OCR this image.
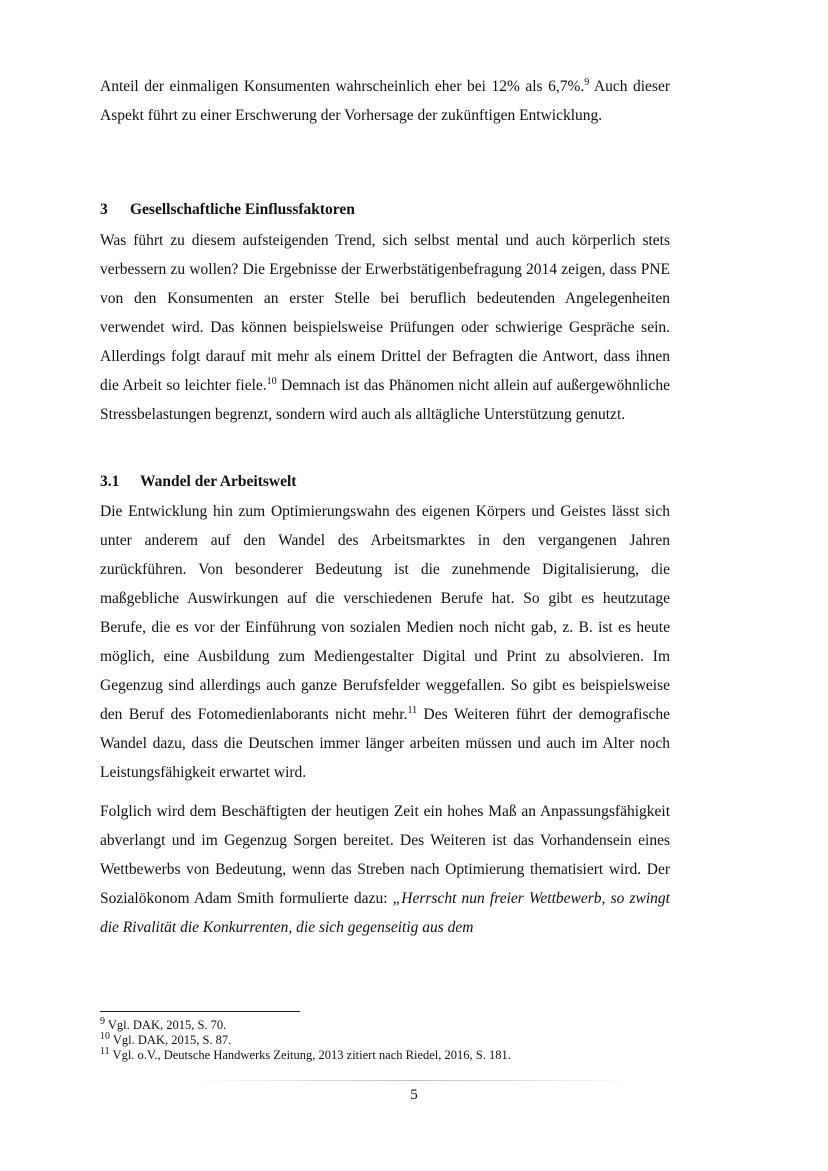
Anteil der einmaligen Konsumenten wahrscheinlich eher bei 12% als 6,7%.$^9$ Auch dieser Aspekt führt zu einer Erschwerung der Vorhersage der zukünftigen Entwicklung.

3 Gesellschaftliche Einflussfaktoren

Was führt zu diesem aufsteigenden Trend, sich selbst mental und auch körperlich stets verbessern zu wollen? Die Ergebnisse der Erwerbstätigenbefragung 2014 zeigen, dass PNE von den Konsumenten an erster Stelle bei beruflich bedeutenden Angelegenheiten verwendet wird. Das können beispielsweise Prüfungen oder schwierige Gespräche sein. Allerdings folgt darauf mit mehr als einem Drittel der Befragten die Antwort, dass ihnen die Arbeit so leichter fiele.$^{10}$ Demnach ist das Phänomen nicht allein auf außergewöhnliche Stressbelastungen begrenzt, sondern wird auch als alltägliche Unterstützung genutzt.

3.1 Wandel der Arbeitswelt

Die Entwicklung hin zum Optimierungswahn des eigenen Körpers und Geistes lässt sich unter anderem auf den Wandel des Arbeitsmarktes in den vergangenen Jahren zurückführen. Von besonderer Bedeutung ist die zunehmende Digitalisierung, die maßgebliche Auswirkungen auf die verschiedenen Berufe hat. So gibt es heutzutage Berufe, die es vor der Einführung von sozialen Medien noch nicht gab, z. B. ist es heute möglich, eine Ausbildung zum Mediengestalter Digital und Print zu absolvieren. Im Gegenzug sind allerdings auch ganze Berufsfelder weggefallen. So gibt es beispielsweise den Beruf des Fotomedienlaborants nicht mehr.$^{11}$ Des Weiteren führt der demografische Wandel dazu, dass die Deutschen immer länger arbeiten müssen und auch im Alter noch Leistungsfähigkeit erwartet wird.

Folglich wird dem Beschäftigten der heutigen Zeit ein hohes Maß an Anpassungsfähigkeit abverlangt und im Gegenzug Sorgen bereitet. Des Weiteren ist das Vorhandensein eines Wettbewerbs von Bedeutung, wenn das Streben nach Optimierung thematisiert wird. Der Sozialökonom Adam Smith formulierte dazu: „Herrscht nun freier Wettbewerb, so zwingt die Rivalität die Konkurrenten, die sich gegenseitig aus dem

$^9$ Vgl. DAK, 2015, S. 70.
$^{10}$ Vgl. DAK, 2015, S. 87.
$^{11}$ Vgl. o.V., Deutsche Handwerks Zeitung, 2013 zitiert nach Riedel, 2016, S. 181.
5
